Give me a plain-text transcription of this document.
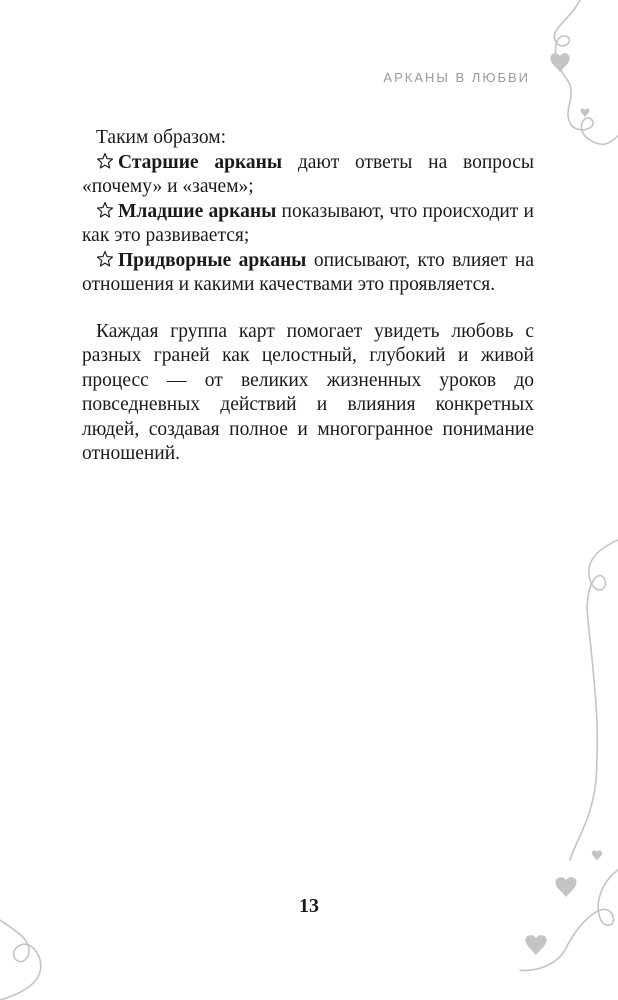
АРКАНЫ В ЛЮБВИ

Таким образом:

Старшие арканы дают ответы на вопросы «почему» и «зачем»;

Младшие арканы показывают, что происходит и как это развивается;

Придворные арканы описывают, кто влияет на отношения и какими качествами это проявляется.

Каждая группа карт помогает увидеть любовь с разных граней как целостный, глубокий и живой процесс — от великих жизненных уроков до повседневных действий и влияния конкретных людей, создавая полное и многогранное понимание отношений.

13
